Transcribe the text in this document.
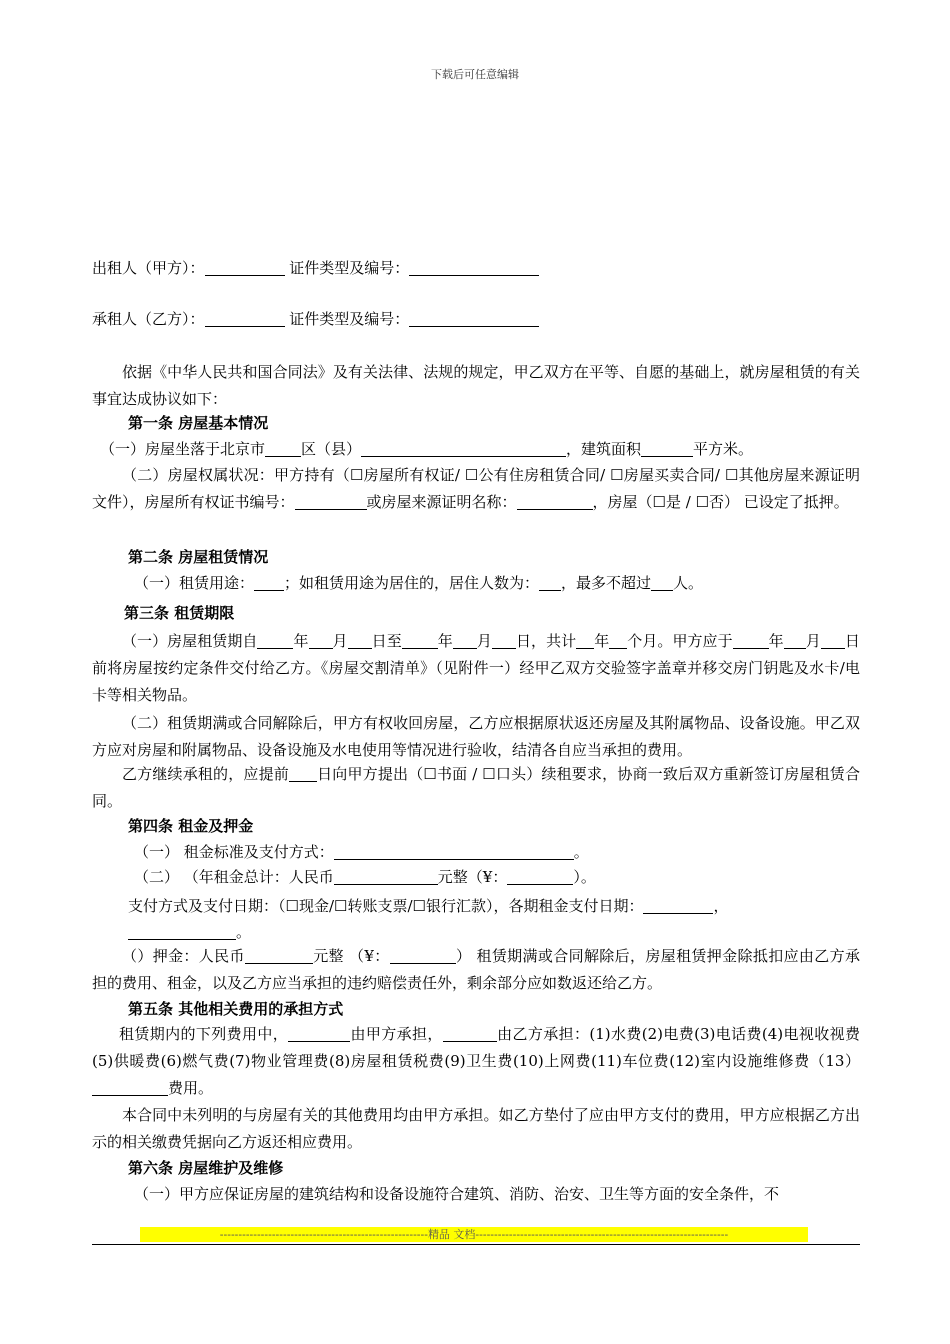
下载后可任意编辑
出租人（甲方）：	证件类型及编号：
承租人（乙方）：	证件类型及编号：
依据《中华人民共和国合同法》及有关法律、法规的规定，甲乙双方在平等、自愿的基础上，就房屋租赁的有关事宜达成协议如下：
第一条 房屋基本情况
（一）房屋坐落于北京市 区（县）	，建筑面积	平方米。
（二）房屋权属状况：甲方持有（☐房屋所有权证/ ☐公有住房租赁合同/ ☐房屋买卖合同/ ☐其他房屋来源证明文件），房屋所有权证书编号：	或房屋来源证明名称：	，房屋（☐是 / ☐否） 已设定了抵押。
第二条 房屋租赁情况
（一）租赁用途： ；如租赁用途为居住的，居住人数为： ，最多不超过 人。
第三条 租赁期限
（一）房屋租赁期自 年 月 日至 年 月 日，共计 年 个月。甲方应于 年 月 日前将房屋按约定条件交付给乙方。《房屋交割清单》（见附件一）经甲乙双方交验签字盖章并移交房门钥匙及水卡/电卡等相关物品。
（二）租赁期满或合同解除后，甲方有权收回房屋，乙方应根据原状返还房屋及其附属物品、设备设施。甲乙双方应对房屋和附属物品、设备设施及水电使用等情况进行验收，结清各自应当承担的费用。
乙方继续承租的，应提前 日向甲方提出（☐书面 / ☐口头）续租要求，协商一致后双方重新签订房屋租赁合同。
第四条 租金及押金
（一） 租金标准及支付方式：	。
（二） （年租金总计：人民币	元整（¥：	）。
支付方式及支付日期：（☐现金/☐转账支票/☐银行汇款），各期租金支付日期：	，
。
（）押金：人民币	元整 （¥：	） 租赁期满或合同解除后，房屋租赁押金除抵扣应由乙方承担的费用、租金，以及乙方应当承担的违约赔偿责任外，剩余部分应如数返还给乙方。
第五条 其他相关费用的承担方式
租赁期内的下列费用中，	由甲方承担，	由乙方承担：(1)水费(2)电费(3)电话费(4)电视收视费(5)供暖费(6)燃气费(7)物业管理费(8)房屋租赁税费(9)卫生费(10)上网费(11)车位费(12)室内设施维修费（13）费用。
本合同中未列明的与房屋有关的其他费用均由甲方承担。如乙方垫付了应由甲方支付的费用，甲方应根据乙方出示的相关缴费凭据向乙方返还相应费用。
第六条 房屋维护及维修
（一）甲方应保证房屋的建筑结构和设备设施符合建筑、消防、治安、卫生等方面的安全条件，不
--------------------------------------------------------精品 文档--------------------------------------------------------------------
